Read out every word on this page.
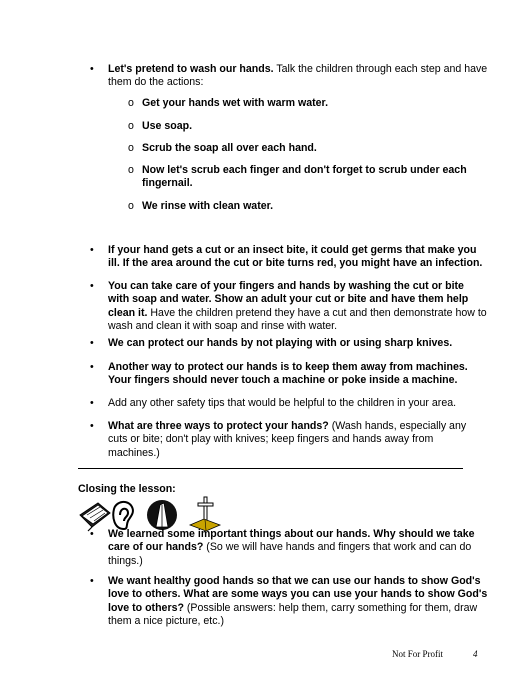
• Let's pretend to wash our hands. Talk the children through each step and have them do the actions:
o Get your hands wet with warm water.
o Use soap.
o Scrub the soap all over each hand.
o Now let's scrub each finger and don't forget to scrub under each fingernail.
o We rinse with clean water.
• If your hand gets a cut or an insect bite, it could get germs that make you ill. If the area around the cut or bite turns red, you might have an infection.
• You can take care of your fingers and hands by washing the cut or bite with soap and water. Show an adult your cut or bite and have them help clean it. Have the children pretend they have a cut and then demonstrate how to wash and clean it with soap and rinse with water.
• We can protect our hands by not playing with or using sharp knives.
• Another way to protect our hands is to keep them away from machines. Your fingers should never touch a machine or poke inside a machine.
• Add any other safety tips that would be helpful to the children in your area.
• What are three ways to protect your hands? (Wash hands, especially any cuts or bite; don't play with knives; keep fingers and hands away from machines.)
Closing the lesson:
• We learned some important things about our hands. Why should we take care of our hands? (So we will have hands and fingers that work and can do things.)
• We want healthy good hands so that we can use our hands to show God's love to others. What are some ways you can use your hands to show God's love to others? (Possible answers: help them, carry something for them, draw them a nice picture, etc.)
Not For Profit	4
